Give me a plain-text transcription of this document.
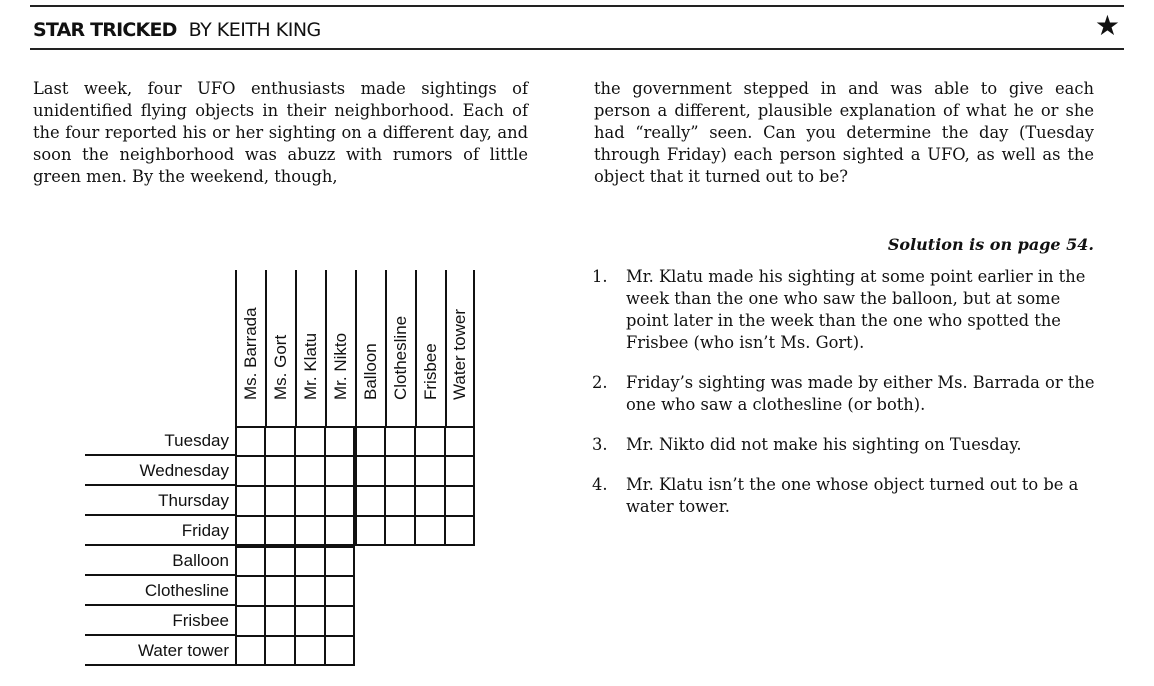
STAR TRICKED BY KEITH KING	★

Last week, four UFO enthusiasts made sightings of unidentified flying objects in their neighborhood. Each of the four reported his or her sighting on a different day, and soon the neighborhood was abuzz with rumors of little green men. By the weekend, though,

the government stepped in and was able to give each person a different, plausible explanation of what he or she had “really” seen. Can you determine the day (Tuesday through Friday) each person sighted a UFO, as well as the object that it turned out to be?

Solution is on page 54.
Ms. Barrada Ms. Gort Mr. Klatu Mr. Nikto Balloon Clothesline Frisbee Water tower
Tuesday
Wednesday
Thursday
Friday
Balloon
Clothesline
Frisbee
Water tower
1. Mr. Klatu made his sighting at some point earlier in the week than the one who saw the balloon, but at some point later in the week than the one who spotted the Frisbee (who isn’t Ms. Gort).
2. Friday’s sighting was made by either Ms. Barrada or the one who saw a clothesline (or both).
3. Mr. Nikto did not make his sighting on Tuesday.
4. Mr. Klatu isn’t the one whose object turned out to be a water tower.
